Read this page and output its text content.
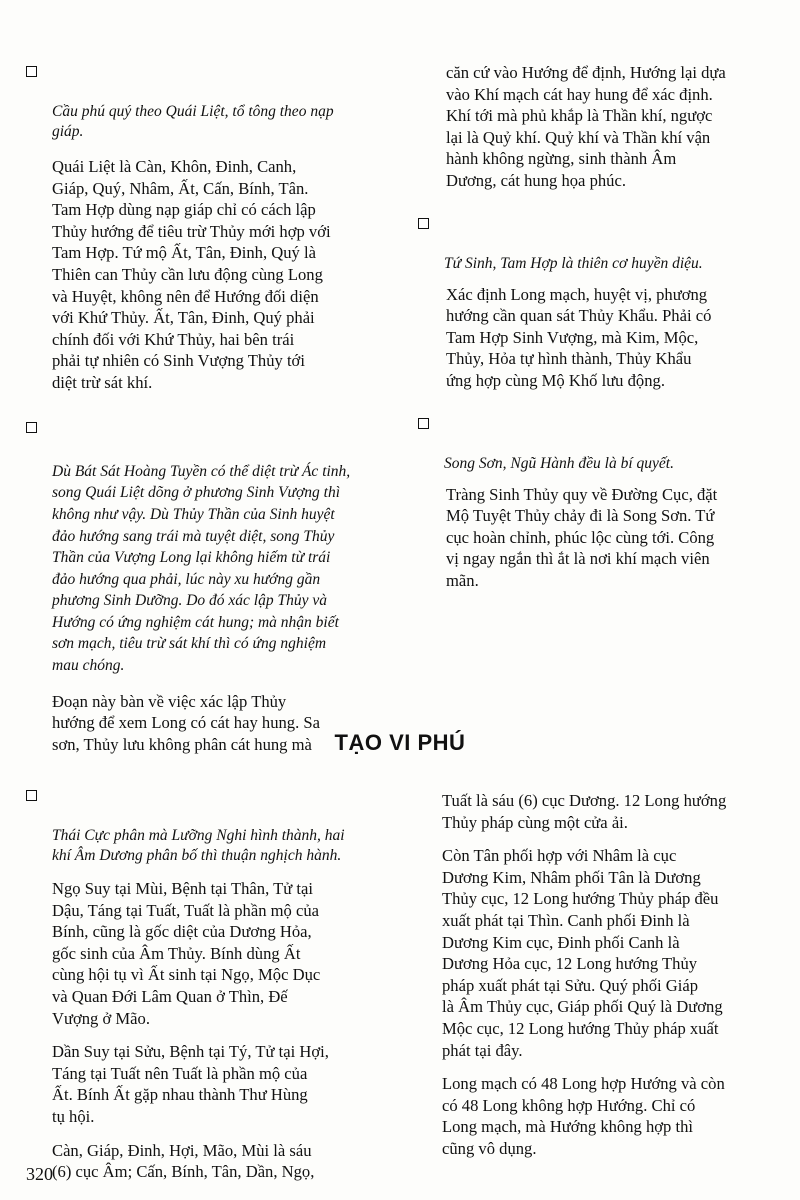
Cầu phú quý theo Quái Liệt, tổ tông theo nạp
giáp.

Quái Liệt là Càn, Khôn, Đinh, Canh,
Giáp, Quý, Nhâm, Ất, Cấn, Bính, Tân.
Tam Hợp dùng nạp giáp chỉ có cách lập
Thủy hướng để tiêu trừ Thủy mới hợp với
Tam Hợp. Tứ mộ Ất, Tân, Đinh, Quý là
Thiên can Thủy cần lưu động cùng Long
và Huyệt, không nên để Hướng đối diện
với Khứ Thủy. Ất, Tân, Đinh, Quý phải
chính đối với Khứ Thủy, hai bên trái
phải tự nhiên có Sinh Vượng Thủy tới
diệt trừ sát khí.

Dù Bát Sát Hoàng Tuyền có thể diệt trừ Ác tinh,
song Quái Liệt dõng ở phương Sinh Vượng thì
không như vậy. Dù Thủy Thần của Sinh huyệt
đảo hướng sang trái mà tuyệt diệt, song Thủy
Thần của Vượng Long lại không hiếm từ trái
đảo hướng qua phải, lúc này xu hướng gần
phương Sinh Dưỡng. Do đó xác lập Thủy và
Hướng có ứng nghiệm cát hung; mà nhận biết
sơn mạch, tiêu trừ sát khí thì có ứng nghiệm
mau chóng.

Đoạn này bàn về việc xác lập Thủy
hướng để xem Long có cát hay hung. Sa
sơn, Thủy lưu không phân cát hung mà

căn cứ vào Hướng để định, Hướng lại dựa
vào Khí mạch cát hay hung để xác định.
Khí tới mà phủ khắp là Thần khí, ngược
lại là Quỷ khí. Quỷ khí và Thần khí vận
hành không ngừng, sinh thành Âm
Dương, cát hung họa phúc.

Tứ Sinh, Tam Hợp là thiên cơ huyền diệu.

Xác định Long mạch, huyệt vị, phương
hướng cần quan sát Thủy Khẩu. Phải có
Tam Hợp Sinh Vượng, mà Kim, Mộc,
Thủy, Hỏa tự hình thành, Thủy Khẩu
ứng hợp cùng Mộ Khố lưu động.

Song Sơn, Ngũ Hành đều là bí quyết.

Tràng Sinh Thủy quy về Đường Cục, đặt
Mộ Tuyệt Thủy chảy đi là Song Sơn. Tứ
cục hoàn chỉnh, phúc lộc cùng tới. Công
vị ngay ngắn thì ắt là nơi khí mạch viên
mãn.

TẠO VI PHÚ

Thái Cực phân mà Lưỡng Nghi hình thành, hai
khí Âm Dương phân bố thì thuận nghịch hành.

Ngọ Suy tại Mùi, Bệnh tại Thân, Tử tại
Dậu, Táng tại Tuất, Tuất là phần mộ của
Bính, cũng là gốc diệt của Dương Hỏa,
gốc sinh của Âm Thủy. Bính dùng Ất
cùng hội tụ vì Ất sinh tại Ngọ, Mộc Dục
và Quan Đới Lâm Quan ở Thìn, Đế
Vượng ở Mão.

Dần Suy tại Sửu, Bệnh tại Tý, Tử tại Hợi,
Táng tại Tuất nên Tuất là phần mộ của
Ất. Bính Ất gặp nhau thành Thư Hùng
tụ hội.

Càn, Giáp, Đinh, Hợi, Mão, Mùi là sáu
(6) cục Âm; Cấn, Bính, Tân, Dần, Ngọ,

Tuất là sáu (6) cục Dương. 12 Long hướng
Thủy pháp cùng một cửa ải.

Còn Tân phối hợp với Nhâm là cục
Dương Kim, Nhâm phối Tân là Dương
Thủy cục, 12 Long hướng Thủy pháp đều
xuất phát tại Thìn. Canh phối Đinh là
Dương Kim cục, Đinh phối Canh là
Dương Hỏa cục, 12 Long hướng Thủy
pháp xuất phát tại Sửu. Quý phối Giáp
là Âm Thủy cục, Giáp phối Quý là Dương
Mộc cục, 12 Long hướng Thủy pháp xuất
phát tại đây.

Long mạch có 48 Long hợp Hướng và còn
có 48 Long không hợp Hướng. Chỉ có
Long mạch, mà Hướng không hợp thì
cũng vô dụng.

320
